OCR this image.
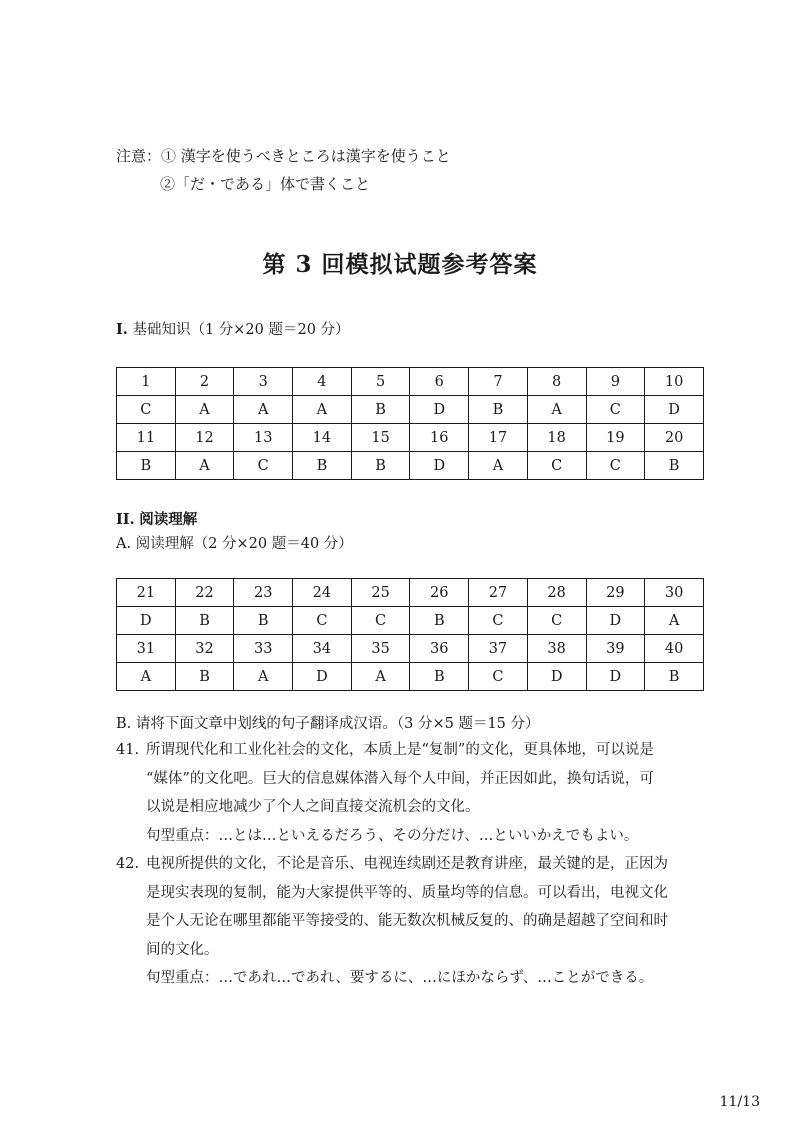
注意：① 漢字を使うべきところは漢字を使うこと
②「だ・である」体で書くこと
第 3 回模拟试题参考答案
I. 基础知识（1 分×20 题＝20 分）
1	2	3	4	5	6	7	8	9	10
C	A	A	A	B	D	B	A	C	D
11	12	13	14	15	16	17	18	19	20
B	A	C	B	B	D	A	C	C	B
II. 阅读理解
A. 阅读理解（2 分×20 题＝40 分）
21	22	23	24	25	26	27	28	29	30
D	B	B	C	C	B	C	C	D	A
31	32	33	34	35	36	37	38	39	40
A	B	A	D	A	B	C	D	D	B
B. 请将下面文章中划线的句子翻译成汉语。（3 分×5 题＝15 分）
41. 所谓现代化和工业化社会的文化，本质上是“复制”的文化，更具体地，可以说是
“媒体”的文化吧。巨大的信息媒体潜入每个人中间，并正因如此，换句话说，可
以说是相应地减少了个人之间直接交流机会的文化。
句型重点：…とは…といえるだろう、その分だけ、…といいかえでもよい。
42. 电视所提供的文化，不论是音乐、电视连续剧还是教育讲座，最关键的是，正因为
是现实表现的复制，能为大家提供平等的、质量均等的信息。可以看出，电视文化
是个人无论在哪里都能平等接受的、能无数次机械反复的、的确是超越了空间和时
间的文化。
句型重点：…であれ…であれ、要するに、…にほかならず、…ことができる。
11/13
